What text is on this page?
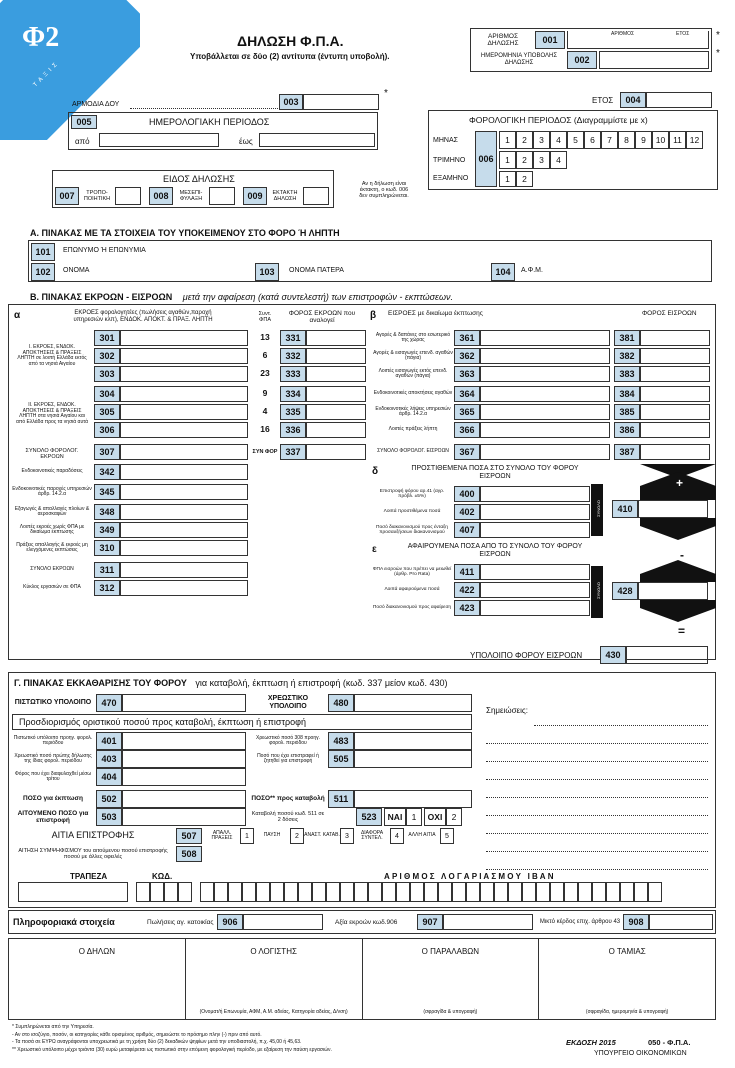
Φ2
Τ Α Ξ Ι Σ
ΔΗΛΩΣΗ Φ.Π.Α.
Υποβάλλεται σε δύο (2) αντίτυπα (έντυπη υποβολή).
ΑΡΙΘΜΟΣ ΔΗΛΩΣΗΣ	001
ΑΡΙΘΜΟΣ	ΕΤΟΣ
ΗΜΕΡΟΜΗΝΙΑ ΥΠΟΒΟΛΗΣ ΔΗΛΩΣΗΣ	002
*
*
ΑΡΜΟΔΙΑ ΔΟΥ	003
*
ΕΤΟΣ	004
005	ΗΜΕΡΟΛΟΓΙΑΚΗ ΠΕΡΙΟΔΟΣ
από	έως
ΦΟΡΟΛΟΓΙΚΗ ΠΕΡΙΟΔΟΣ (Διαγραμμίστε με x)
ΜΗΝΑΣ
ΤΡΙΜΗΝΟ
ΕΞΑΜΗΝΟ
006
1	2	3	4	5	6	7	8	9	10 11 12
1	2	3	4
1	2
ΕΙΔΟΣ ΔΗΛΩΣΗΣ
007	ΤΡΟΠΟ-ΠΟΙΗΤΙΚΗ	008	ΜΕΣΕΠΙ-ΦΥΛΑΞΗ	009	ΕΚΤΑΚΤΗ ΔΗΛΩΣΗ
Αν η δήλωση είναι έκτακτη, ο κωδ. 006 δεν συμπληρώνεται.
Α. ΠΙΝΑΚΑΣ ΜΕ ΤΑ ΣΤΟΙΧΕΙΑ ΤΟΥ ΥΠΟΚΕΙΜΕΝΟΥ ΣΤΟ ΦΟΡΟ Ή ΛΗΠΤΗ
101	ΕΠΩΝΥΜΟ Ή ΕΠΩΝΥΜΙΑ
102	ΟΝΟΜΑ	103	ΟΝΟΜΑ ΠΑΤΕΡΑ	104	Α.Φ.Μ.
Β. ΠΙΝΑΚΑΣ ΕΚΡΟΩΝ - ΕΙΣΡΟΩΝ μετά την αφαίρεση (κατά συντελεστή) των επιστροφών - εκπτώσεων.
α	ΕΚΡΟΕΣ φορολογητέες (πωλήσεις αγαθών,παροχή υπηρεσιών κλπ), ΕΝΔΟΚ. ΑΠΟΚΤ. & ΠΡΑΞ. ΛΗΠΤΗ
Συντ. ΦΠΑ
ΦΟΡΟΣ ΕΚΡΟΩΝ που αναλογεί	β ΕΙΣΡΟΕΣ με δικαίωμα έκπτωσης	ΦΟΡΟΣ ΕΙΣΡΟΩΝ
I. ΕΚΡΟΕΣ, ΕΝΔΟΚ. ΑΠΟΚΤΗΣΕΙΣ & ΠΡΑΞΕΙΣ ΛΗΠΤΗ σε λοιπή Ελλάδα εκτός από τα νησιά Αιγαίου
II. ΕΚΡΟΕΣ, ΕΝΔΟΚ. ΑΠΟΚΤΗΣΕΙΣ & ΠΡΑΞΕΙΣ ΛΗΠΤΗ στα νησιά Αιγαίου και από Ελλάδα προς τα νησιά αυτά
ΣΥΝΟΛΟ ΦΟΡΟΛΟΓ. ΕΚΡΟΩΝ
301	13	331
302	6	332
303	23	333
304	9	334
305	4	335
306	16	336
307	ΣΥΝ ΦΟΡ 337
Αγορές & δαπάνες στο εσωτερικό της χώρας	361	381
Αγορές & εισαγωγές επενδ. αγαθών (πάγια)	362	382
Λοιπές εισαγωγές εκτός επενδ. αγαθών (πάγια)	363	383
Ενδοκοινοτικές αποκτήσεις αγαθών 364	384
Ενδοκοινοτικές λήψεις υπηρεσιών άρθρ. 14.2.α	365	385
Λοιπές πράξεις λήπτη	366	386
ΣΥΝΟΛΟ ΦΟΡΟΛΟΓ. ΕΙΣΡΟΩΝ	367	387
Ενδοκοινοτικές παραδόσεις	342
Ενδοκοινοτικές παροχές υπηρεσιών άρθρ. 14.2.α	345
Εξαγωγές & απαλλαγές πλοίων & αεροσκαφών	348
Λοιπές εκροές χωρίς ΦΠΑ με δικαίωμα έκπτωσης	349
Πράξεις απαλλαγής & εκροές μη ελεγχόμενες εκπτώσεις	310
ΣΥΝΟΛΟ ΕΚΡΟΩΝ	311
Κύκλος εργασιών σε ΦΠΑ	312
δ	ΠΡΟΣΤΙΘΕΜΕΝΑ ΠΟΣΑ ΣΤΟ ΣΥΝΟΛΟ ΤΟΥ ΦΟΡΟΥ ΕΙΣΡΟΩΝ
Επιστροφή φόρου αρ.41 (αγρ. πρόβλ. ±5%)	400
Λοιπά προστιθέμενα ποσά	402
Ποσό διακανονισμού προς ένταξη προσαυξήσεων διακανονισμού	407
ΣΥΝΟΛΟ	410
+
ε	ΑΦΑΙΡΟΥΜΕΝΑ ΠΟΣΑ ΑΠΟ ΤΟ ΣΥΝΟΛΟ ΤΟΥ ΦΟΡΟΥ ΕΙΣΡΟΩΝ
ΦΠΑ εισροών που πρέπει να μειωθεί (άρθρ. Pro Rata)	411
Λοιπά αφαιρούμενα ποσά	422
Ποσό διακανονισμού προς αφαίρεση 423
ΣΥΝΟΛΟ	428
-
=
ΥΠΟΛΟΙΠΟ ΦΟΡΟΥ ΕΙΣΡΟΩΝ	430
Γ. ΠΙΝΑΚΑΣ ΕΚΚΑΘΑΡΙΣΗΣ ΤΟΥ ΦΟΡΟΥ για καταβολή, έκπτωση ή επιστροφή (κωδ. 337 μείον κωδ. 430)
ΠΙΣΤΩΤΙΚΟ ΥΠΟΛΟΙΠΟ	470	ΧΡΕΩΣΤΙΚΟ ΥΠΟΛΟΙΠΟ	480
Προσδιορισμός οριστικού ποσού προς καταβολή, έκπτωση ή επιστροφή
Πιστωτικό υπόλοιπο προηγ. φορολ. περιόδου	401
Χρεωστικό ποσό πρώτης δήλωσης της ίδιας φορολ. περιόδου	403
Φόρος που έχει διαφυλαχθεί μέσω τρίτου	404
Χρεωστικό ποσό 308 προηγ. φορολ. περιόδου	483
Ποσό που έχει επιστραφεί ή ζητηθεί για επιστροφή	505
ΠΟΣΟ για έκπτωση	502	ΠΟΣΟ** προς καταβολή	511
ΑΙΤΟΥΜΕΝΟ ΠΟΣΟ για επιστροφή	503	Καταβολή ποσού κωδ. 511 σε 2 δόσεις	523	ΝΑΙ	1	ΟΧΙ	2
ΑΙΤΙΑ ΕΠΙΣΤΡΟΦΗΣ	507	ΑΠΑΛΛ. ΠΡΑΞΕΙΣ	1	ΠΑΥΣΗ	2	ΑΝΑΣΤ. ΚΑΤΑΒ. 3	ΔΙΑΦΟΡΑ ΣΥΝΤΕΛ.	4	ΑΛΛΗ ΑΙΤΙΑ	5
ΑΙΤΗΣΗ ΣΥΜΨΗΦΙΣΜΟΥ του αιτούμενου ποσού επιστροφής ποσού με άλλες οφειλές	508
Σημειώσεις:
ΤΡΑΠΕΖΑ	ΚΩΔ.	Α Ρ Ι Θ Μ Ο Σ   Λ Ο Γ Α Ρ Ι Α Σ Μ Ο Υ   Ι Β Α Ν
Πληροφοριακά στοιχεία	Πωλήσεις αγ. κατοικίας	906	Αξία εκροών κωδ.906	907	Μικτό κέρδος επιχ. άρθρου 43 908
Ο ΔΗΛΩΝ	Ο ΛΟΓΙΣΤΗΣ
(Ονοματ/ή Επωνυμία, ΑΦΜ, Α.Μ. αδείας, Κατηγορία αδείας, Δ/νση)
Ο ΠΑΡΑΛΑΒΩΝ
(σφραγίδα & υπογραφή)
Ο ΤΑΜΙΑΣ
(σφραγίδα, ημερομηνία & υπογραφή)
* Συμπληρώνεται από την Υπηρεσία.
- Αν στο ισοζύγιο, ποσόν, οι κατηγορίες κάθε ορισμένος αριθμός, σημειώστε το πρόσημο πλην (-) πριν από αυτό.
- Τα ποσά σε ΕΥΡΩ αναγράφονται υποχρεωτικά με τη χρήση δύο (2) δεκαδικών ψηφίων μετά την υποδιαστολή, π.χ. 45,00 ή 45,63.
** Χρεωστικό υπόλοιπο μέχρι τριάντα (30) ευρώ μεταφέρεται ως πιστωτικό στην επόμενη φορολογική περίοδο, με εξαίρεση την παύση εργασιών.
ΕΚΔΟΣΗ 2015	050 - Φ.Π.Α.
ΥΠΟΥΡΓΕΙΟ ΟΙΚΟΝΟΜΙΚΩΝ
